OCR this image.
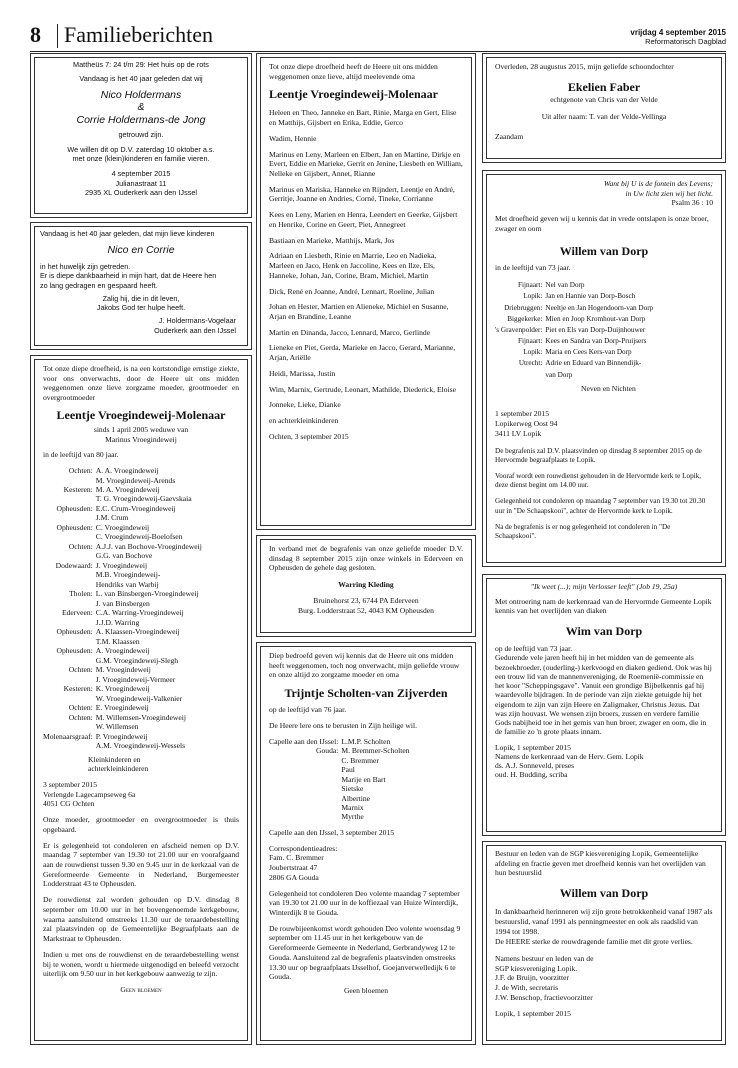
8 Familieberichten	vrijdag 4 september 2015
Reformatorisch Dagblad

Mattheüs 7: 24 t/m 29: Het huis op de rots

Vandaag is het 40 jaar geleden dat wij

Nico Holdermans

&

Corrie Holdermans-de Jong

getrouwd zijn.

We willen dit op D.V. zaterdag 10 oktober a.s.
met onze (klein)kinderen en familie vieren.

4 september 2015
Julianastraat 11
2935 XL Ouderkerk aan den IJssel

Vandaag is het 40 jaar geleden, dat mijn lieve kinderen

Nico en Corrie

in het huwelijk zijn getreden.
Er is diepe dankbaarheid in mijn hart, dat de Heere hen
zo lang gedragen en gespaard heeft.

Zalig hij, die in dit leven,
Jakobs God ter hulpe heeft.

J. Holdermans-Vogelaar
Ouderkerk aan den IJssel

Tot onze diepe droefheid, is na een kortstondige ernstige ziekte, voor ons onverwachts, door de Heere uit ons midden weggenomen onze lieve zorgzame moeder, grootmoeder en overgrootmoeder

Leentje Vroegindeweij-Molenaar

sinds 1 april 2005 weduwe van
Marinus Vroegindeweij

in de leeftijd van 80 jaar.

Ochten:	A. A. Vroegindeweij
	M. Vroegindeweij-Arends
Kesteren:	M. A. Vroegindeweij
	T. G. Vroegindeweij-Gaevskaia
Opheusden:	E.C. Crum-Vroegindeweij
	J.M. Crum
Opheusden:	C. Vroegindeweij
	C. Vroegindeweij-Boelofsen
Ochten:	A.J.J. van Bochove-Vroegindeweij
	G.G. van Bochove
Dodewaard:	J. Vroegindeweij
	M.B. Vroegindeweij-
	Hendriks van Warbij
Tholen:	L. van Binsbergen-Vroegindeweij
	J. van Binsbergen
Ederveen:	C.A. Warring-Vroegindeweij
	J.J.D. Warring
Opheusden:	A. Klaassen-Vroegindeweij
	T.M. Klaassen
Opheusden:	A. Vroegindeweij
	G.M. Vroegindeweij-Slegh
Ochten:	M. Vroegindeweij
	J. Vroegindeweij-Vermeer
Kesteren:	K. Vroegindeweij
	W. Vroegindeweij-Valkenier
Ochten:	E. Vroegindeweij
Ochten:	M. Willemsen-Vroegindeweij
	W. Willemsen
Molenaarsgraaf:	P. Vroegindeweij
	A.M. Vroegindeweij-Wessels

Kleinkinderen en
achterkleinkinderen

3 september 2015
Verlengde Lagecampseweg 6a
4051 CG Ochten

Onze moeder, grootmoeder en overgrootmoeder is thuis opgebaard.

Er is gelegenheid tot condoleren en afscheid nemen op D.V. maandag 7 september van 19.30 tot 21.00 uur en voorafgaand aan de rouwdienst tussen 9.30 en 9.45 uur in de kerkzaal van de Gereformeerde Gemeente in Nederland, Burgemeester Lodderstraat 43 te Opheusden.

De rouwdienst zal worden gehouden op D.V. dinsdag 8 september om 10.00 uur in het bovengenoemde kerkgebouw, waarna aansluitend omstreeks 11.30 uur de teraardebestelling zal plaatsvinden op de Gemeentelijke Begraafplaats aan de Markstraat te Opheusden.

Indien u met ons de rouwdienst en de teraardebestelling wenst bij te wonen, wordt u hiermede uitgenodigd en beleefd verzocht uiterlijk om 9.50 uur in het kerkgebouw aanwezig te zijn.

Geen bloemen

Tot onze diepe droefheid heeft de Heere uit ons midden weggenomen onze lieve, altijd meelevende oma

Leentje Vroegindeweij-Molenaar

Heleen en Theo, Janneke en Bart, Rinie, Marga en Gert, Elise en Matthijs, Gijsbert en Erika, Eddie, Gerco

Wadim, Hennie

Marinus en Leny, Marleen en Elbert, Jan en Martine, Dirkje en Evert, Eddie en Marieke, Gerrit en Jenine, Liesbeth en William, Nelleke en Gijsbert, Annet, Rianne

Marinus en Mariska, Hanneke en Rijndert, Leentje en André, Gerritje, Joanne en Andries, Corné, Tineke, Corrianne

Kees en Leny, Marien en Henra, Leendert en Geerke, Gijsbert en Henrike, Corine en Geert, Piet, Annegreet

Bastiaan en Marieke, Matthijs, Mark, Jos

Adriaan en Liesbeth, Rinie en Marrie, Leo en Nadieka, Marleen en Jaco, Henk en Jaccoline, Kees en Ilze, Els, Hanneke, Johan, Jan, Corine, Bram, Michiel, Martin

Dick, René en Joanne, André, Lennart, Roeline, Julian

Johan en Hester, Martien en Alieneke, Michiel en Susanne, Arjan en Brandine, Leanne

Martin en Dinanda, Jacco, Lennard, Marco, Gerlinde

Lieneke en Piet, Gerda, Marieke en Jacco, Gerard, Marianne, Arjan, Ariëlle

Heidi, Marissa, Justin

Wim, Marnix, Gertrude, Leonart, Mathilde, Diederick, Eloise

Jonneke, Lieke, Dianke

en achterkleinkinderen

Ochten, 3 september 2015

In verband met de begrafenis van onze geliefde moeder D.V. dinsdag 8 september 2015 zijn onze winkels in Ederveen en Opheusden de gehele dag gesloten.

Warring Kleding

Bruinehorst 23, 6744 PA Ederveen
Burg. Lodderstraat 52, 4043 KM Opheusden

Diep bedroefd geven wij kennis dat de Heere uit ons midden heeft weggenomen, toch nog onverwacht, mijn geliefde vrouw en onze altijd zo zorgzame moeder en oma

Trijntje Scholten-van Zijverden

op de leeftijd van 76 jaar.

De Heere lere ons te berusten in Zijn heilige wil.

Capelle aan den IJssel:	L.M.P. Scholten
Gouda:	M. Bremmer-Scholten
	C. Bremmer
	Paul
	Marije en Bart
	Sietske
	Albertine
	Marnix
	Myrthe

Capelle aan den IJssel, 3 september 2015

Correspondentieadres:
Fam. C. Bremmer
Joubertstraat 47
2806 GA Gouda

Gelegenheid tot condoleren Deo volente maandag 7 september van 19.30 tot 21.00 uur in de koffiezaal van Huize Winterdijk, Winterdijk 8 te Gouda.

De rouwbijeenkomst wordt gehouden Deo volente woensdag 9 september om 11.45 uur in het kerkgebouw van de Gereformeerde Gemeente in Nederland, Gerbrandyweg 12 te Gouda. Aansluitend zal de begrafenis plaatsvinden omstreeks 13.30 uur op begraafplaats IJsselhof, Goejanverwelledijk 6 te Gouda.

Geen bloemen

Overleden, 28 augustus 2015, mijn geliefde schoondochter

Ekelien Faber

echtgenote van Chris van der Velde

Uit aller naam: T. van der Velde-Vellinga

Zaandam

Want bij U is de fontein des Levens;
in Uw licht zien wij het licht.

Psalm 36 : 10

Met droefheid geven wij u kennis dat in vrede ontslapen is onze broer, zwager en oom

Willem van Dorp

in de leeftijd van 73 jaar.

Fijnaart:	Nel van Dorp
Lopik:	Jan en Hannie van Dorp-Bosch
Driebruggen:	Neeltje en Jan Hogendoorn-van Dorp
Biggekerke:	Mien en Joop Kromhout-van Dorp
's Gravenpolder:	Piet en Els van Dorp-Duijnhouwer
Fijnaart:	Kees en Sandra van Dorp-Pruijsers
Lopik:	Maria en Cees Kers-van Dorp
Utrecht:	Adrie en Eduard van Binnendijk-
	van Dorp

Neven en Nichten

1 september 2015
Lopikerweg Oost 94
3411 LV Lopik

De begrafenis zal D.V. plaatsvinden op dinsdag 8 september 2015 op de Hervormde begraafplaats te Lopik.

Vooraf wordt een rouwdienst gehouden in de Hervormde kerk te Lopik, deze dienst begint om 14.00 uur.

Gelegenheid tot condoleren op maandag 7 september van 19.30 tot 20.30 uur in "De Schaapskooi", achter de Hervormde kerk te Lopik.

Na de begrafenis is er nog gelegenheid tot condoleren in "De Schaapskooi".

"Ik weet (...); mijn Verlosser leeft" (Job 19, 25a)

Met ontroering nam de kerkenraad van de Hervormde Gemeente Lopik kennis van het overlijden van diaken

Wim van Dorp

op de leeftijd van 73 jaar.
Gedurende vele jaren heeft hij in het midden van de gemeente als bezoekbroeder, (ouderling-) kerkvoogd en diaken gediend. Ook was hij een trouw lid van de mannenvereniging, de Roemenië-commissie en het koor "Scheppingsgave". Vanuit een grondige Bijbelkennis gaf hij waardevolle bijdragen. In de periode van zijn ziekte getuigde hij het eigendom te zijn van zijn Heere en Zaligmaker, Christus Jezus. Dat was zijn houvast. We wensen zijn broers, zussen en verdere familie Gods nabijheid toe in het gemis van hun broer, zwager en oom, die in de familie zo 'n grote plaats innam.

Lopik, 1 september 2015
Namens de kerkenraad van de Herv. Gem. Lopik
ds. A.J. Sonneveld, preses
oud. H. Budding, scriba

Bestuur en leden van de SGP kiesvereniging Lopik, Gemeentelijke afdeling en fractie geven met droefheid kennis van het overlijden van hun bestuurslid

Willem van Dorp

In dankbaarheid herinneren wij zijn grote betrokkenheid vanaf 1987 als bestuurslid, vanaf 1991 als penningmeester en ook als raadslid van 1994 tot 1998.

De HEERE sterke de rouwdragende familie met dit grote verlies.

Namens bestuur en leden van de
SGP kiesvereniging Lopik.
J.F. de Bruijn, voorzitter
J. de With, secretaris
J.W. Benschop, fractievoorzitter

Lopik, 1 september 2015
